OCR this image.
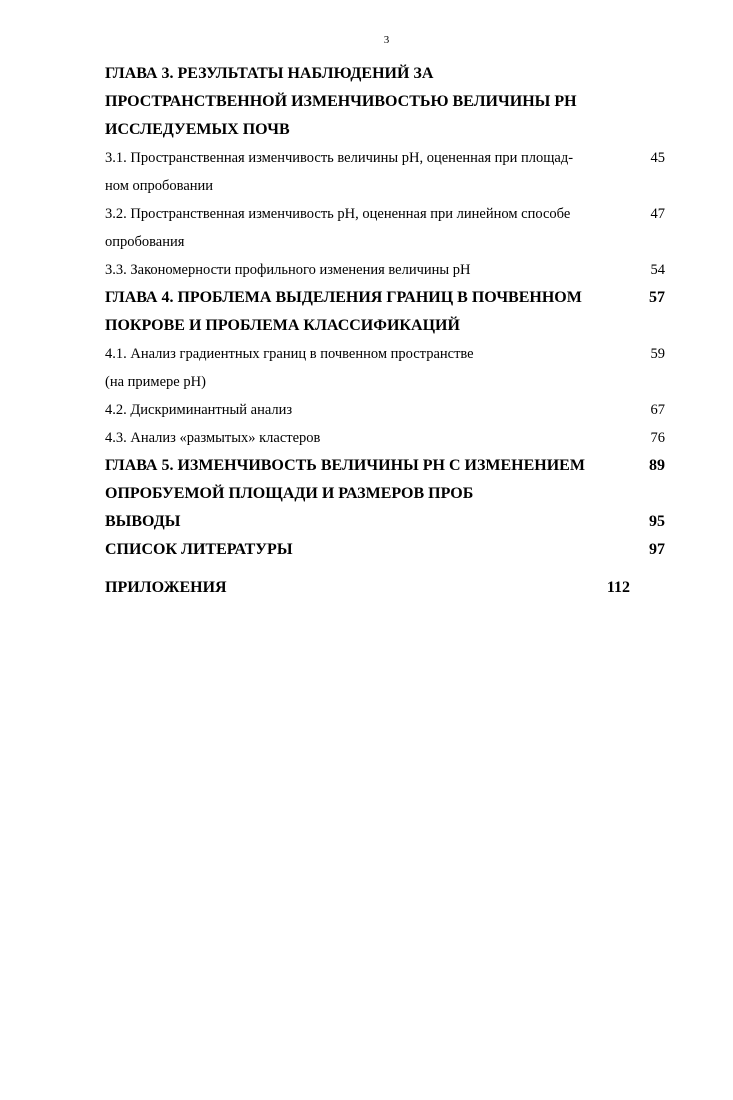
3
ГЛАВА 3. РЕЗУЛЬТАТЫ НАБЛЮДЕНИЙ ЗА
ПРОСТРАНСТВЕННОЙ ИЗМЕНЧИВОСТЬЮ ВЕЛИЧИНЫ РН
ИССЛЕДУЕМЫХ ПОЧВ
3.1. Пространственная изменчивость величины рН, оцененная при площад-	45
ном опробовании
3.2. Пространственная изменчивость рН, оцененная при линейном способе	47
опробования
3.3. Закономерности профильного изменения величины рН	54
ГЛАВА 4. ПРОБЛЕМА ВЫДЕЛЕНИЯ ГРАНИЦ В ПОЧВЕННОМ	57
ПОКРОВЕ И ПРОБЛЕМА КЛАССИФИКАЦИЙ
4.1. Анализ градиентных границ в почвенном пространстве	59
(на примере рН)
4.2. Дискриминантный анализ	67
4.3. Анализ «размытых» кластеров	76
ГЛАВА 5. ИЗМЕНЧИВОСТЬ ВЕЛИЧИНЫ РН С ИЗМЕНЕНИЕМ	89
ОПРОБУЕМОЙ ПЛОЩАДИ И РАЗМЕРОВ ПРОБ
ВЫВОДЫ	95
СПИСОК ЛИТЕРАТУРЫ	97
ПРИЛОЖЕНИЯ	112
